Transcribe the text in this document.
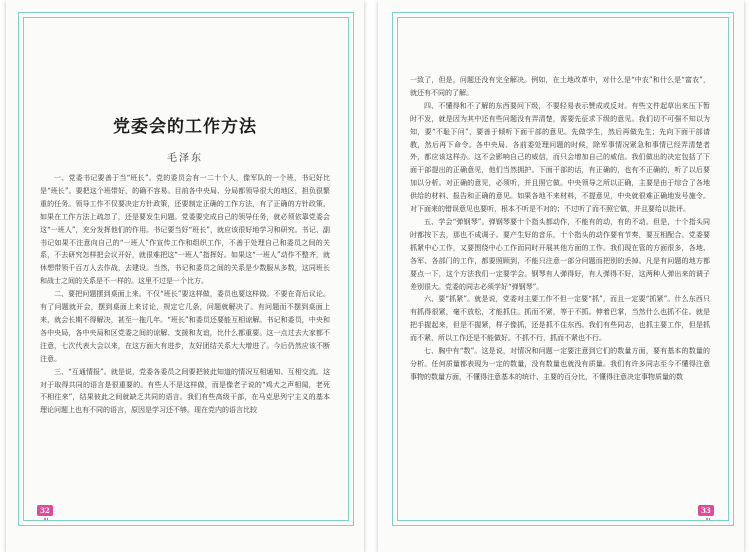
党委会的工作方法
毛泽东

一、党委书记要善于当“班长”。党的委员会有一二十个人，像军队的一个班，书记好比是“班长”。要把这个班带好，的确不容易。目前各中央局、分局都领导很大的地区，担负很繁重的任务。领导工作不仅要决定方针政策，还要制定正确的工作方法，有了正确的方针政策，如果在工作方法上疏忽了，还是要发生问题。党委要完成自己的领导任务，就必须依靠党委会这“一班人”，充分发挥他们的作用。书记要当好“班长”，就应该很好地学习和研究。书记、副书记如果不注意向自己的“一班人”作宣传工作和组织工作，不善于处理自己和委员之间的关系，不去研究怎样把会议开好，就很难把这“一班人”指挥好。如果这“一班人”动作不整齐，就休想带领千百万人去作战，去建设。当然，书记和委员之间的关系是少数服从多数，这同班长和战士之间的关系是不一样的。这里不过是一个比方。

二、要把问题摆到桌面上来。不仅“班长”要这样做，委员也要这样做。不要在背后议论。有了问题就开会，摆到桌面上来讨论，规定它几条，问题就解决了。有问题而不摆到桌面上来，就会长期不得解决，甚至一拖几年。“班长”和委员还要能互相谅解。书记和委员，中央和各中央局，各中央局和区党委之间的谅解、支援和友谊，比什么都重要。这一点过去大家都不注意，七次代表大会以来，在这方面大有进步，友好团结关系大大增进了。今后仍然应该不断注意。

三、“互通情报”。就是说，党委各委员之间要把彼此知道的情况互相通知、互相交流。这对于取得共同的语言是很重要的。有些人不是这样做，而是像老子说的“鸡犬之声相闻，老死不相往来”，结果彼此之间就缺乏共同的语言。我们有些高级干部，在马克思列宁主义的基本理论问题上也有不同的语言，原因是学习还不够。现在党内的语言比较

32

一致了，但是，问题还没有完全解决。例如，在土地改革中，对什么是“中农”和什么是“富农”，就还有不同的了解。

四、不懂得和不了解的东西要问下级，不要轻易表示赞成或反对。有些文件起草出来压下暂时不发，就是因为其中还有些问题没有弄清楚，需要先征求下级的意见。我们切不可强不知以为知，要“不耻下问”，要善于倾听下面干部的意见。先做学生，然后再做先生；先向下面干部请教，然后再下命令。各中央局、各前委处理问题的时候，除军事情况紧急和事情已经弄清楚者外，都应该这样办。这不会影响自己的威信，而只会增加自己的威信。我们做出的决定包括了下面干部提出的正确意见，他们当然拥护。下面干部的话，有正确的，也有不正确的，听了以后要加以分析。对正确的意见，必须听，并且照它做。中央领导之所以正确，主要是由于综合了各地供给的材料、报告和正确的意见。如果各地不来材料，不提意见，中央就很难正确地发号施令。对下面来的错误意见也要听，根本不听是不对的；不过听了而不照它做，并且要给以批评。

五、学会“弹钢琴”。弹钢琴要十个指头都动作，不能有的动，有的不动。但是，十个指头同时都按下去，那也不成调子。要产生好的音乐，十个指头的动作要有节奏，要互相配合。党委要抓紧中心工作，又要围绕中心工作而同时开展其他方面的工作。我们现在管的方面很多，各地、各军、各部门的工作，都要照顾到，不能只注意一部分问题而把别的丢掉。凡是有问题的地方都要点一下，这个方法我们一定要学会。钢琴有人弹得好，有人弹得不好，这两种人弹出来的调子差别很大。党委的同志必须学好“弹钢琴”。

六、要“抓紧”。就是说，党委对主要工作不但一定要“抓”，而且一定要“抓紧”。什么东西只有抓得很紧，毫不放松，才能抓住。抓而不紧，等于不抓。伸着巴掌，当然什么也抓不住。就是把手握起来，但是不握紧，样子像抓，还是抓不住东西。我们有些同志，也抓主要工作，但是抓而不紧，所以工作还是不能做好。不抓不行，抓而不紧也不行。

七、胸中有“数”。这是说，对情况和问题一定要注意到它们的数量方面，要有基本的数量的分析。任何质量都表现为一定的数量，没有数量也就没有质量。我们有许多同志至今不懂得注意事物的数量方面，不懂得注意基本的统计、主要的百分比，不懂得注意决定事物质量的数

33
